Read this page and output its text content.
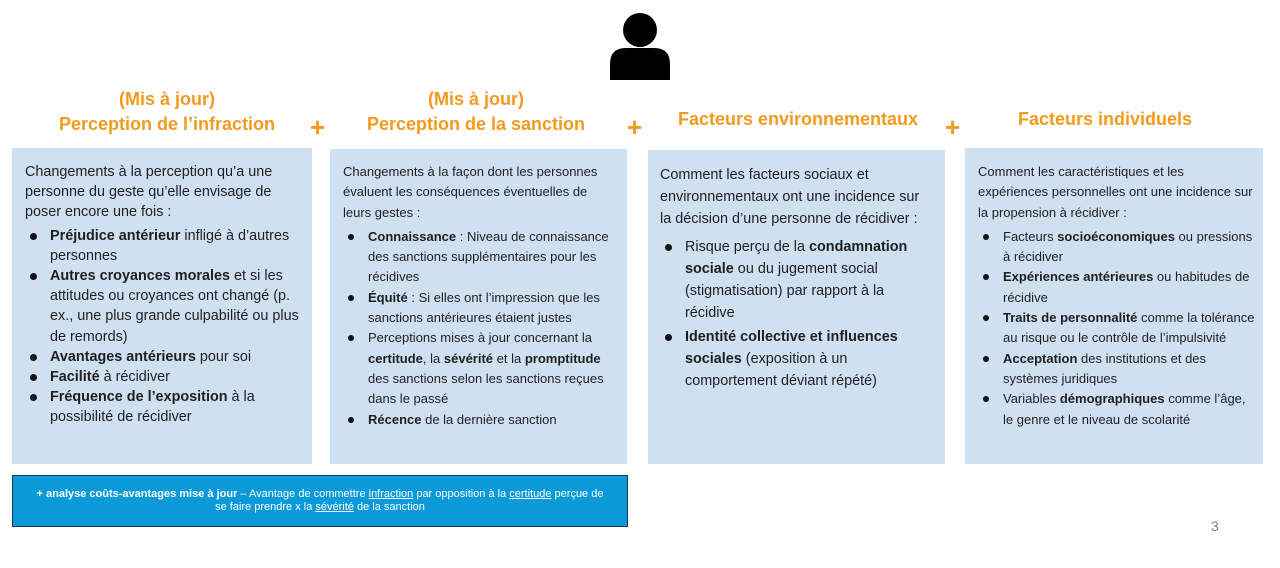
(Mis à jour)
Perception de l’infraction
(Mis à jour)
Perception de la sanction	Facteurs environnementaux	Facteurs individuels
+	+	+

Changements à la perception qu’a une personne du geste qu’elle envisage de poser encore une fois :

Préjudice antérieur infligé à d’autres personnes
Autres croyances morales et si les attitudes ou croyances ont changé (p. ex., une plus grande culpabilité ou plus de remords)
Avantages antérieurs pour soi
Facilité à récidiver
Fréquence de l’exposition à la possibilité de récidiver

Changements à la façon dont les personnes évaluent les conséquences éventuelles de leurs gestes :

Connaissance : Niveau de connaissance des sanctions supplémentaires pour les récidives
Équité : Si elles ont l’impression que les sanctions antérieures étaient justes
Perceptions mises à jour concernant la certitude, la sévérité et la promptitude des sanctions selon les sanctions reçues dans le passé
Récence de la dernière sanction

Comment les facteurs sociaux et environnementaux ont une incidence sur la décision d’une personne de récidiver :

Risque perçu de la condamnation sociale ou du jugement social (stigmatisation) par rapport à la récidive
Identité collective et influences sociales (exposition à un comportement déviant répété)

Comment les caractéristiques et les expériences personnelles ont une incidence sur la propension à récidiver :

Facteurs socioéconomiques ou pressions à récidiver
Expériences antérieures ou habitudes de récidive
Traits de personnalité comme la tolérance au risque ou le contrôle de l’impulsivité
Acceptation des institutions et des systèmes juridiques
Variables démographiques comme l’âge, le genre et le niveau de scolarité
+ analyse coûts-avantages mise à jour – Avantage de commettre infraction par opposition à la certitude perçue de se faire prendre x la sévérité de la sanction
3
